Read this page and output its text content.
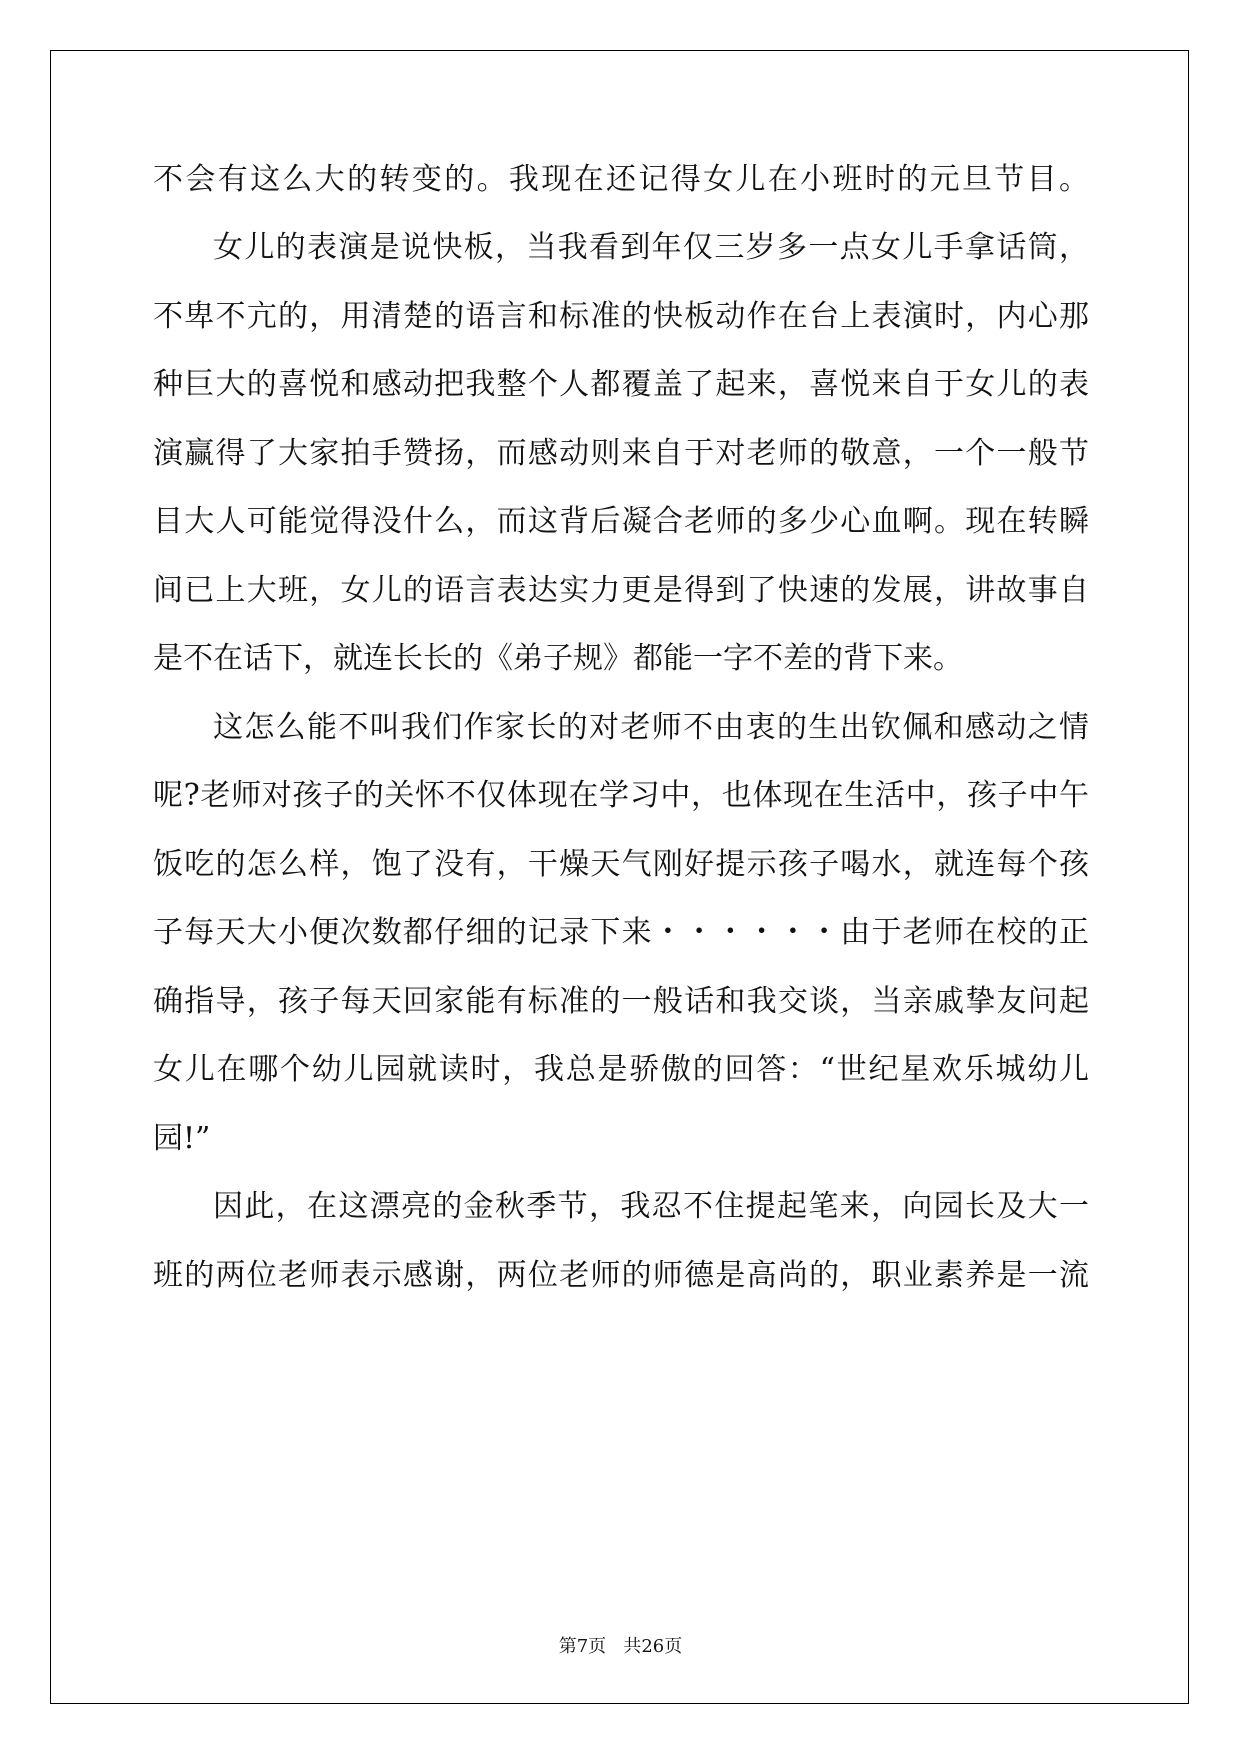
不会有这么大的转变的。我现在还记得女儿在小班时的元旦节目。
女儿的表演是说快板，当我看到年仅三岁多一点女儿手拿话筒，
不卑不亢的，用清楚的语言和标准的快板动作在台上表演时，内心那
种巨大的喜悦和感动把我整个人都覆盖了起来，喜悦来自于女儿的表
演赢得了大家拍手赞扬，而感动则来自于对老师的敬意，一个一般节
目大人可能觉得没什么，而这背后凝合老师的多少心血啊。现在转瞬
间已上大班，女儿的语言表达实力更是得到了快速的发展，讲故事自
是不在话下，就连长长的《弟子规》都能一字不差的背下来。
这怎么能不叫我们作家长的对老师不由衷的生出钦佩和感动之情
呢?老师对孩子的关怀不仅体现在学习中，也体现在生活中，孩子中午
饭吃的怎么样，饱了没有，干燥天气刚好提示孩子喝水，就连每个孩
子每天大小便次数都仔细的记录下来・・・・・・由于老师在校的正
确指导，孩子每天回家能有标准的一般话和我交谈，当亲戚挚友问起
女儿在哪个幼儿园就读时，我总是骄傲的回答：“世纪星欢乐城幼儿
园!”
因此，在这漂亮的金秋季节，我忍不住提起笔来，向园长及大一
班的两位老师表示感谢，两位老师的师德是高尚的，职业素养是一流
第7页 共26页
